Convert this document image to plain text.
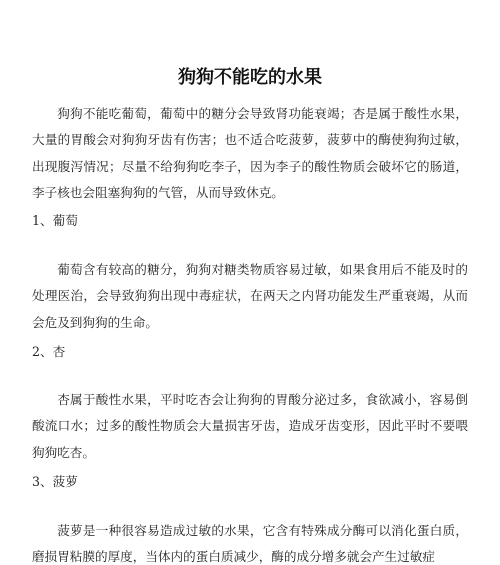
狗狗不能吃的水果
狗狗不能吃葡萄，葡萄中的糖分会导致肾功能衰竭；杏是属于酸性水果，大量的胃酸会对狗狗牙齿有伤害；也不适合吃菠萝，菠萝中的酶使狗狗过敏，出现腹泻情况；尽量不给狗狗吃李子，因为李子的酸性物质会破坏它的肠道，李子核也会阻塞狗狗的气管，从而导致休克。
1、葡萄
葡萄含有较高的糖分，狗狗对糖类物质容易过敏，如果食用后不能及时的处理医治，会导致狗狗出现中毒症状，在两天之内肾功能发生严重衰竭，从而会危及到狗狗的生命。
2、杏
杏属于酸性水果，平时吃杏会让狗狗的胃酸分泌过多，食欲减小，容易倒酸流口水；过多的酸性物质会大量损害牙齿，造成牙齿变形，因此平时不要喂狗狗吃杏。
3、菠萝
菠萝是一种很容易造成过敏的水果，它含有特殊成分酶可以消化蛋白质，磨损胃粘膜的厚度，当体内的蛋白质减少，酶的成分增多就会产生过敏症
